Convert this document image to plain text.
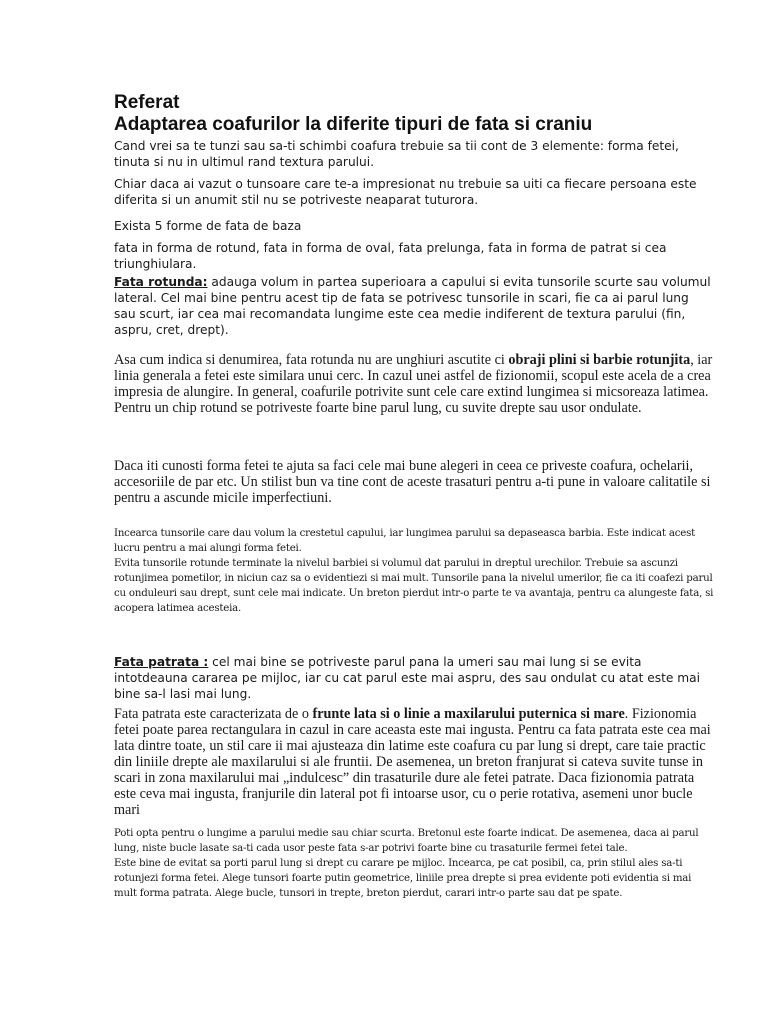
Referat
Adaptarea coafurilor la diferite tipuri de fata si craniu

Cand vrei sa te tunzi sau sa-ti schimbi coafura trebuie sa tii cont de 3 elemente: forma fetei, tinuta si nu in ultimul rand textura parului.

Chiar daca ai vazut o tunsoare care te-a impresionat nu trebuie sa uiti ca fiecare persoana este diferita si un anumit stil nu se potriveste neaparat tuturora.

Exista 5 forme de fata de baza

fata in forma de rotund, fata in forma de oval, fata prelunga, fata in forma de patrat si cea triunghiulara.

Fata rotunda: adauga volum in partea superioara a capului si evita tunsorile scurte sau volumul lateral. Cel mai bine pentru acest tip de fata se potrivesc tunsorile in scari, fie ca ai parul lung sau scurt, iar cea mai recomandata lungime este cea medie indiferent de textura parului (fin, aspru, cret, drept).

Asa cum indica si denumirea, fata rotunda nu are unghiuri ascutite ci obraji plini si barbie rotunjita, iar linia generala a fetei este similara unui cerc. In cazul unei astfel de fizionomii, scopul este acela de a crea impresia de alungire. In general, coafurile potrivite sunt cele care extind lungimea si micsoreaza latimea. Pentru un chip rotund se potriveste foarte bine parul lung, cu suvite drepte sau usor ondulate.

Daca iti cunosti forma fetei te ajuta sa faci cele mai bune alegeri in ceea ce priveste coafura, ochelarii, accesoriile de par etc. Un stilist bun va tine cont de aceste trasaturi pentru a-ti pune in valoare calitatile si pentru a ascunde micile imperfectiuni.

Incearca tunsorile care dau volum la crestetul capului, iar lungimea parului sa depaseasca barbia. Este indicat acest lucru pentru a mai alungi forma fetei.

Evita tunsorile rotunde terminate la nivelul barbiei si volumul dat parului in dreptul urechilor. Trebuie sa ascunzi rotunjimea pometilor, in niciun caz sa o evidentiezi si mai mult. Tunsorile pana la nivelul umerilor, fie ca iti coafezi parul cu onduleuri sau drept, sunt cele mai indicate. Un breton pierdut intr-o parte te va avantaja, pentru ca alungeste fata, si acopera latimea acesteia.

Fata patrata : cel mai bine se potriveste parul pana la umeri sau mai lung si se evita intotdeauna cararea pe mijloc, iar cu cat parul este mai aspru, des sau ondulat cu atat este mai bine sa-l lasi mai lung.

Fata patrata este caracterizata de o frunte lata si o linie a maxilarului puternica si mare. Fizionomia fetei poate parea rectangulara in cazul in care aceasta este mai ingusta. Pentru ca fata patrata este cea mai lata dintre toate, un stil care ii mai ajusteaza din latime este coafura cu par lung si drept, care taie practic din liniile drepte ale maxilarului si ale fruntii. De asemenea, un breton franjurat si cateva suvite tunse in scari in zona maxilarului mai „indulcesc” din trasaturile dure ale fetei patrate. Daca fizionomia patrata este ceva mai ingusta, franjurile din lateral pot fi intoarse usor, cu o perie rotativa, asemeni unor bucle mari

Poti opta pentru o lungime a parului medie sau chiar scurta. Bretonul este foarte indicat. De asemenea, daca ai parul lung, niste bucle lasate sa-ti cada usor peste fata s-ar potrivi foarte bine cu trasaturile fermei fetei tale.

Este bine de evitat sa porti parul lung si drept cu carare pe mijloc. Incearca, pe cat posibil, ca, prin stilul ales sa-ti rotunjezi forma fetei. Alege tunsori foarte putin geometrice, liniile prea drepte si prea evidente poti evidentia si mai mult forma patrata. Alege bucle, tunsori in trepte, breton pierdut, carari intr-o parte sau dat pe spate.
